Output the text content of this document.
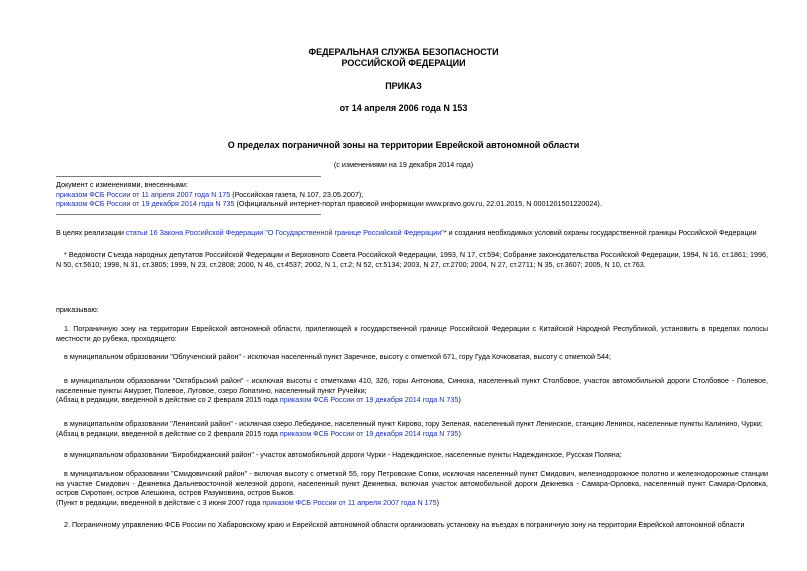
ФЕДЕРАЛЬНАЯ СЛУЖБА БЕЗОПАСНОСТИ
РОССИЙСКОЙ ФЕДЕРАЦИИ
ПРИКАЗ
от 14 апреля 2006 года N 153
О пределах пограничной зоны на территории Еврейской автономной области
(с изменениями на 19 декабря 2014 года)
Документ с изменениями, внесенными:
приказом ФСБ России от 11 апреля 2007 года N 175 (Российская газета, N 107, 23.05.2007);
приказом ФСБ России от 19 декабря 2014 года N 735 (Официальный интернет-портал правовой информации www.pravo.gov.ru, 22.01.2015, N 0001201501220024).
В целях реализации статьи 16 Закона Российской Федерации "О Государственной границе Российской Федерации"* и создания необходимых условий охраны государственной границы Российской Федерации
* Ведомости Съезда народных депутатов Российской Федерации и Верховного Совета Российской Федерации, 1993, N 17, ст.594; Собрание законодательства Российской Федерации, 1994, N 16, ст.1861; 1996, N 50, ст.5610; 1998, N 31, ст.3805; 1999, N 23, ст.2808; 2000, N 46, ст.4537; 2002, N 1, ст.2; N 52, ст.5134; 2003, N 27, ст.2700; 2004, N 27, ст.2711; N 35, ст.3607; 2005, N 10, ст.763.
приказываю:
1. Пограничную зону на территории Еврейской автономной области, прилегающей к государственной границе Российской Федерации с Китайской Народной Республикой, установить в пределах полосы местности до рубежа, проходящего:
в муниципальном образовании "Облученский район" - исключая населенный пункт Заречное, высоту с отметкой 671, гору Гуда Кочковатая, высоту с отметкой 544;
в муниципальном образовании "Октябрьский район" - исключая высоты с отметками 410, 326, горы Антонова, Синюха, населенный пункт Столбовое, участок автомобильной дороги Столбовое - Полевое, населенные пункты Амурзет, Полевое, Луговое, озеро Лопатино, населенный пункт Ручейки;
(Абзац в редакции, введенной в действие со 2 февраля 2015 года приказом ФСБ России от 19 декабря 2014 года N 735)
в муниципальном образовании "Ленинский район" - исключая озеро Лебединое, населенный пункт Кирово, гору Зеленая, населенный пункт Ленинское, станцию Ленинск, населенные пункты Калинино, Чурки;
(Абзац в редакции, введенной в действие со 2 февраля 2015 года приказом ФСБ России от 19 декабря 2014 года N 735)
в муниципальном образовании "Биробиджанский район" - участок автомобильной дороги Чурки - Надеждинское, населенные пункты Надеждинское, Русская Поляна;
в муниципальном образовании "Смидовичский район" - включая высоту с отметкой 55, гору Петровские Сопки, исключая населенный пункт Смидович, железнодорожное полотно и железнодорожные станции на участке Смидович - Дежневка Дальневосточной железной дороги, населенный пункт Дежневка, включая участок автомобильной дороги Дежневка - Самара-Орловка, населенный пункт Самара-Орловка, остров Сироткин, остров Алешкина, остров Разумовина, остров Быков.
(Пункт в редакции, введенной в действие с 3 июня 2007 года приказом ФСБ России от 11 апреля 2007 года N 175)
2. Пограничному управлению ФСБ России по Хабаровскому краю и Еврейской автономной области организовать установку на въездах в пограничную зону на территории Еврейской автономной области
